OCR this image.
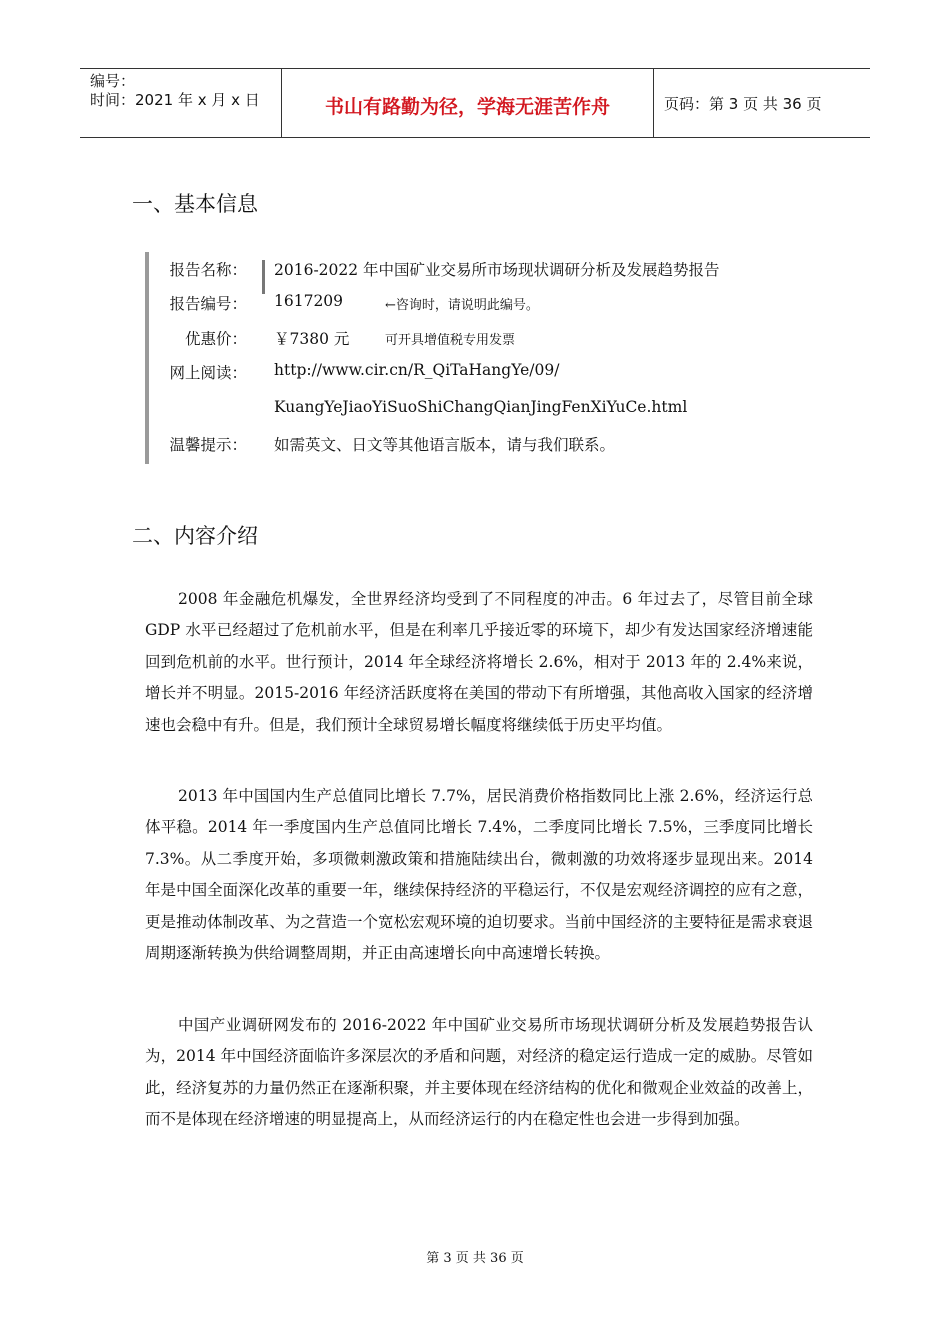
编号：
时间：2021 年 x 月 x 日	书山有路勤为径，学海无涯苦作舟	页码：第 3 页 共 36 页
一、基本信息
报告名称： 2016-2022 年中国矿业交易所市场现状调研分析及发展趋势报告
报告编号： 1617209	←咨询时，请说明此编号。
优惠价： ￥7380 元	可开具增值税专用发票
网上阅读： http://www.cir.cn/R_QiTaHangYe/09/
KuangYeJiaoYiSuoShiChangQianJingFenXiYuCe.html
温馨提示： 如需英文、日文等其他语言版本，请与我们联系。
二、内容介绍

2008 年金融危机爆发，全世界经济均受到了不同程度的冲击。6 年过去了，尽管目前全球 GDP 水平已经超过了危机前水平，但是在利率几乎接近零的环境下，却少有发达国家经济增速能回到危机前的水平。世行预计，2014 年全球经济将增长 2.6%，相对于 2013 年的 2.4%来说，增长并不明显。2015-2016 年经济活跃度将在美国的带动下有所增强，其他高收入国家的经济增速也会稳中有升。但是，我们预计全球贸易增长幅度将继续低于历史平均值。

2013 年中国国内生产总值同比增长 7.7%，居民消费价格指数同比上涨 2.6%，经济运行总体平稳。2014 年一季度国内生产总值同比增长 7.4%，二季度同比增长 7.5%，三季度同比增长 7.3%。从二季度开始，多项微刺激政策和措施陆续出台，微刺激的功效将逐步显现出来。2014 年是中国全面深化改革的重要一年，继续保持经济的平稳运行，不仅是宏观经济调控的应有之意，更是推动体制改革、为之营造一个宽松宏观环境的迫切要求。当前中国经济的主要特征是需求衰退周期逐渐转换为供给调整周期，并正由高速增长向中高速增长转换。

中国产业调研网发布的 2016-2022 年中国矿业交易所市场现状调研分析及发展趋势报告认为，2014 年中国经济面临许多深层次的矛盾和问题，对经济的稳定运行造成一定的威胁。尽管如此，经济复苏的力量仍然正在逐渐积聚，并主要体现在经济结构的优化和微观企业效益的改善上，而不是体现在经济增速的明显提高上，从而经济运行的内在稳定性也会进一步得到加强。

第 3 页 共 36 页
